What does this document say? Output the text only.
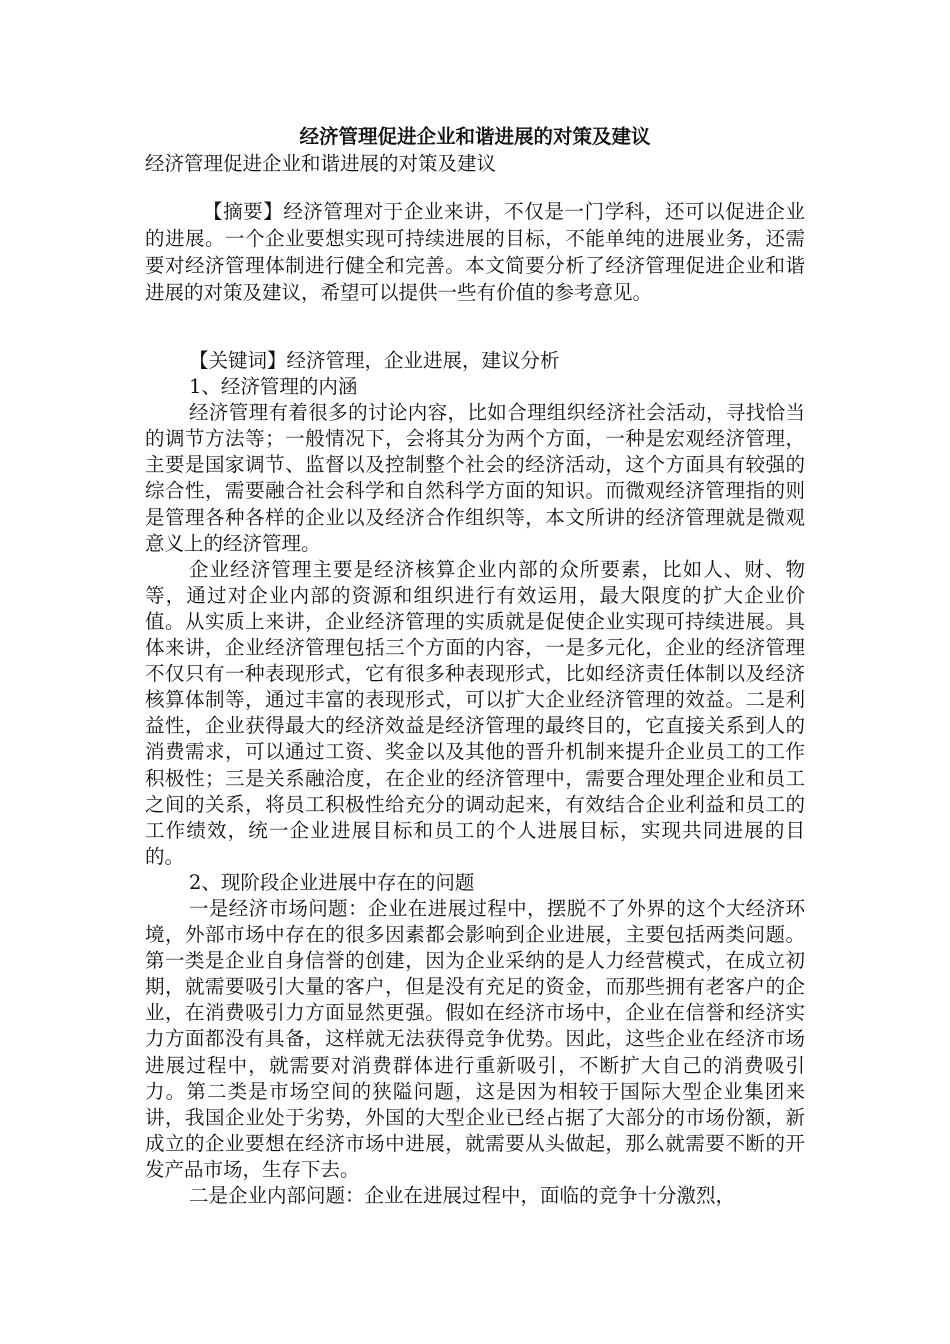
经济管理促进企业和谐进展的对策及建议

经济管理促进企业和谐进展的对策及建议

【摘要】经济管理对于企业来讲，不仅是一门学科，还可以促进企业的进展。一个企业要想实现可持续进展的目标，不能单纯的进展业务，还需要对经济管理体制进行健全和完善。本文简要分析了经济管理促进企业和谐进展的对策及建议，希望可以提供一些有价值的参考意见。

【关键词】经济管理，企业进展，建议分析

1、经济管理的内涵

经济管理有着很多的讨论内容，比如合理组织经济社会活动，寻找恰当的调节方法等；一般情况下，会将其分为两个方面，一种是宏观经济管理，主要是国家调节、监督以及控制整个社会的经济活动，这个方面具有较强的综合性，需要融合社会科学和自然科学方面的知识。而微观经济管理指的则是管理各种各样的企业以及经济合作组织等，本文所讲的经济管理就是微观意义上的经济管理。

企业经济管理主要是经济核算企业内部的众所要素，比如人、财、物等，通过对企业内部的资源和组织进行有效运用，最大限度的扩大企业价值。从实质上来讲，企业经济管理的实质就是促使企业实现可持续进展。具体来讲，企业经济管理包括三个方面的内容，一是多元化，企业的经济管理不仅只有一种表现形式，它有很多种表现形式，比如经济责任体制以及经济核算体制等，通过丰富的表现形式，可以扩大企业经济管理的效益。二是利益性，企业获得最大的经济效益是经济管理的最终目的，它直接关系到人的消费需求，可以通过工资、奖金以及其他的晋升机制来提升企业员工的工作积极性；三是关系融洽度，在企业的经济管理中，需要合理处理企业和员工之间的关系，将员工积极性给充分的调动起来，有效结合企业利益和员工的工作绩效，统一企业进展目标和员工的个人进展目标，实现共同进展的目的。

2、现阶段企业进展中存在的问题

一是经济市场问题：企业在进展过程中，摆脱不了外界的这个大经济环境，外部市场中存在的很多因素都会影响到企业进展，主要包括两类问题。第一类是企业自身信誉的创建，因为企业采纳的是人力经营模式，在成立初期，就需要吸引大量的客户，但是没有充足的资金，而那些拥有老客户的企业，在消费吸引力方面显然更强。假如在经济市场中，企业在信誉和经济实力方面都没有具备，这样就无法获得竞争优势。因此，这些企业在经济市场进展过程中，就需要对消费群体进行重新吸引，不断扩大自己的消费吸引力。第二类是市场空间的狭隘问题，这是因为相较于国际大型企业集团来讲，我国企业处于劣势，外国的大型企业已经占据了大部分的市场份额，新成立的企业要想在经济市场中进展，就需要从头做起，那么就需要不断的开发产品市场，生存下去。

二是企业内部问题：企业在进展过程中，面临的竞争十分激烈，
